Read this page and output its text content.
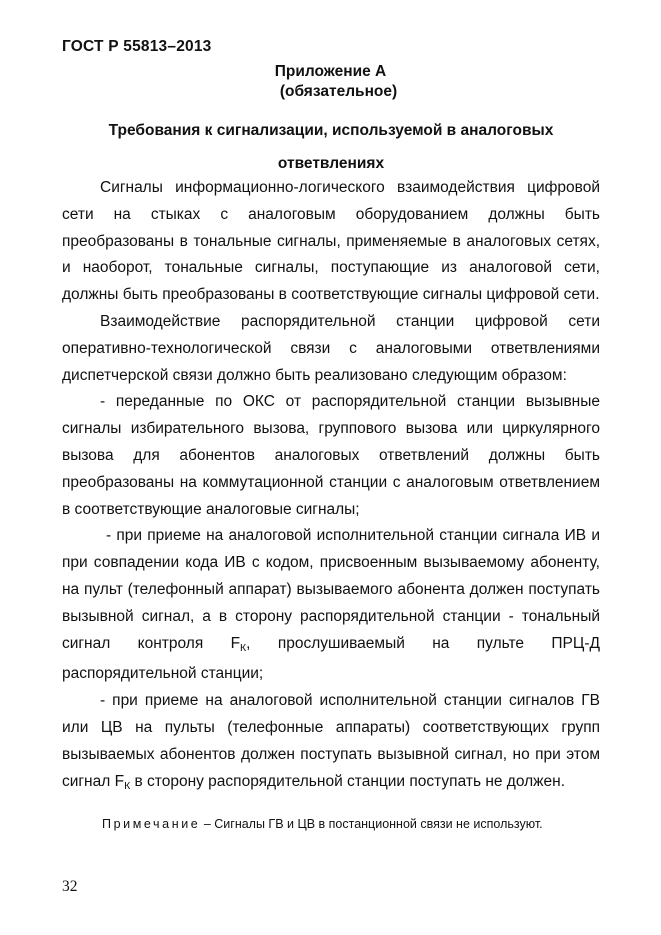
ГОСТ Р 55813–2013
Приложение А
(обязательное)
Требования к сигнализации, используемой в аналоговых ответвлениях

Сигналы информационно-логического взаимодействия цифровой сети на стыках с аналоговым оборудованием должны быть преобразованы в тональные сигналы, применяемые в аналоговых сетях, и наоборот, тональные сигналы, поступающие из аналоговой сети, должны быть преобразованы в соответствующие сигналы цифровой сети.

Взаимодействие распорядительной станции цифровой сети оперативно-технологической связи с аналоговыми ответвлениями диспетчерской связи должно быть реализовано следующим образом:

- переданные по ОКС от распорядительной станции вызывные сигналы избирательного вызова, группового вызова или циркулярного вызова для абонентов аналоговых ответвлений должны быть преобразованы на коммутационной станции с аналоговым ответвлением в соответствующие аналоговые сигналы;

- при приеме на аналоговой исполнительной станции сигнала ИВ и при совпадении кода ИВ с кодом, присвоенным вызываемому абоненту, на пульт (телефонный аппарат) вызываемого абонента должен поступать вызывной сигнал, а в сторону распорядительной станции - тональный сигнал контроля FК, прослушиваемый на пульте ПРЦ-Д распорядительной станции;

- при приеме на аналоговой исполнительной станции сигналов ГВ или ЦВ на пульты (телефонные аппараты) соответствующих групп вызываемых абонентов должен поступать вызывной сигнал, но при этом сигнал FК в сторону распорядительной станции поступать не должен.

Примечание – Сигналы ГВ и ЦВ в постанционной связи не используют.
32
